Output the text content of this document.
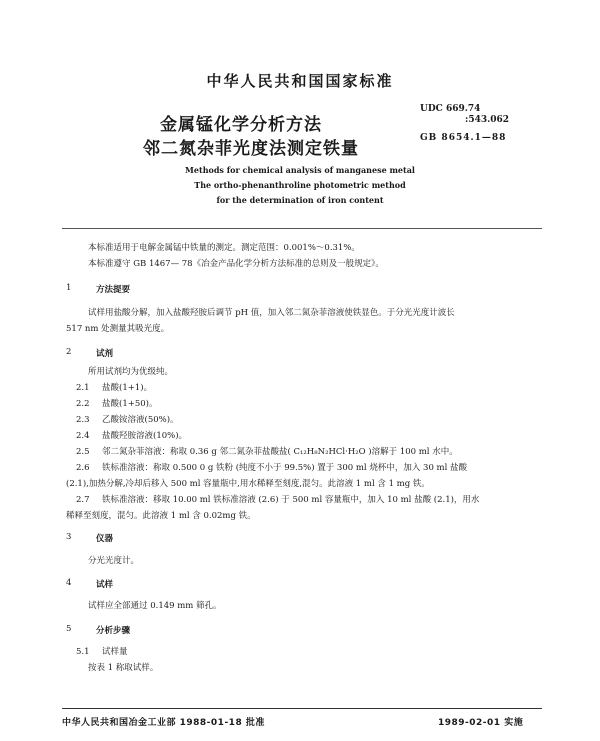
中华人民共和国国家标准
金属锰化学分析方法
邻二氮杂菲光度法测定铁量
UDC 669.74
:543.062
GB 8654.1—88
Methods for chemical analysis of manganese metal
The ortho-phenanthroline photometric method
for the determination of iron content
本标准适用于电解金属锰中铁量的测定。测定范围：0.001%～0.31%。
本标准遵守 GB 1467— 78《冶金产品化学分析方法标准的总则及一般规定》。
1	方法提要
试样用盐酸分解，加入盐酸羟胺后调节 pH 值，加入邻二氮杂菲溶液使铁显色。于分光光度计波长
517 nm 处测量其吸光度。
2	试剂
所用试剂均为优级纯。
2.1 盐酸(1+1)。
2.2 盐酸(1+50)。
2.3 乙酸铵溶液(50%)。
2.4 盐酸羟胺溶液(10%)。
2.5 邻二氮杂菲溶液：称取 0.36 g 邻二氮杂菲盐酸盐( C₁₂H₈N₂HCl·H₂O )溶解于 100 ml 水中。
2.6 铁标准溶液：称取 0.500 0 g 铁粉 (纯度不小于 99.5%) 置于 300 ml 烧杯中，加入 30 ml 盐酸
(2.1),加热分解,冷却后移入 500 ml 容量瓶中,用水稀释至刻度,混匀。此溶液 1 ml 含 1 mg 铁。
2.7 铁标准溶液：移取 10.00 ml 铁标准溶液 (2.6) 于 500 ml 容量瓶中，加入 10 ml 盐酸 (2.1)，用水
稀释至刻度，混匀。此溶液 1 ml 含 0.02mg 铁。
3	仪器
分光光度计。
4	试样
试样应全部通过 0.149 mm 筛孔。
5	分析步骤
5.1 试样量
按表 1 称取试样。
中华人民共和国冶金工业部 1988-01-18 批准	1989-02-01 实施
